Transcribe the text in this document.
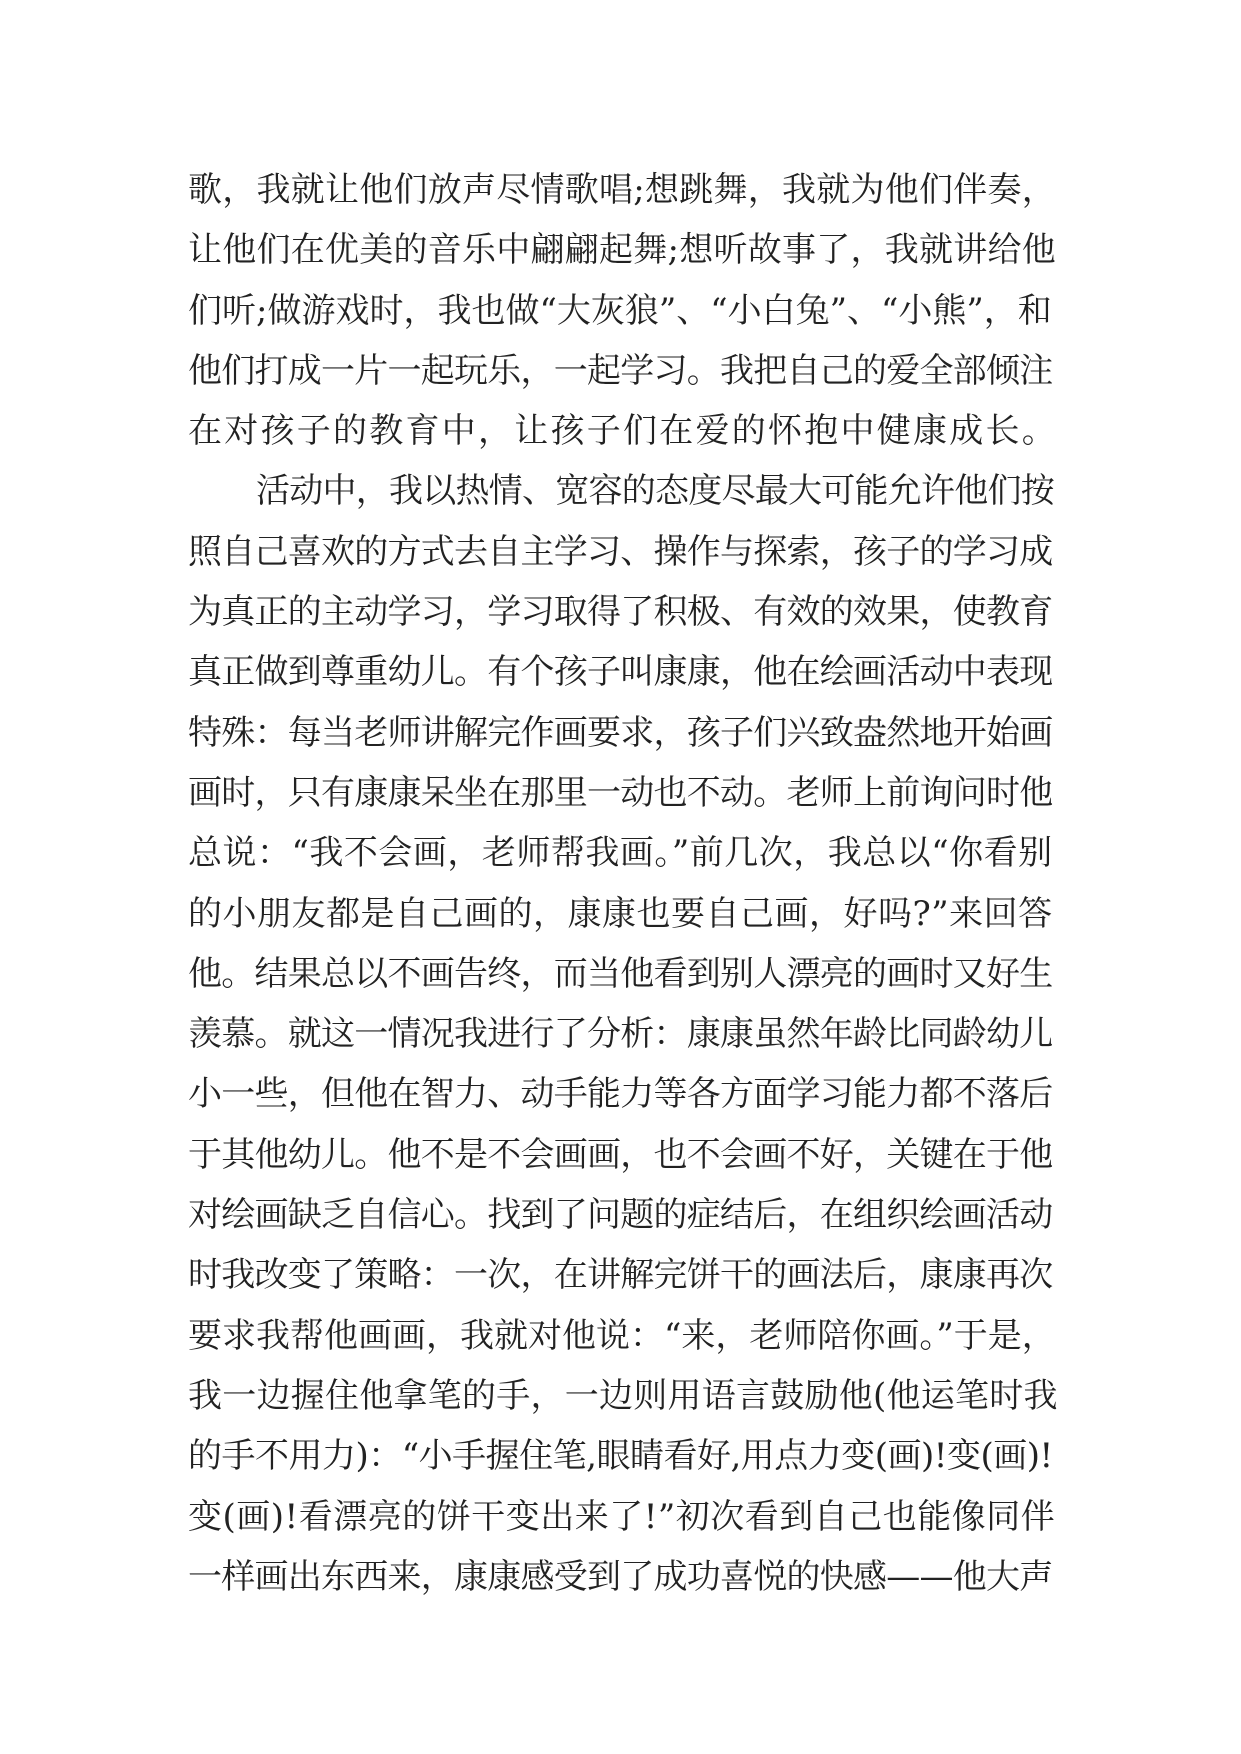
歌，我就让他们放声尽情歌唱;想跳舞，我就为他们伴奏，
让他们在优美的音乐中翩翩起舞;想听故事了，我就讲给他
们听;做游戏时，我也做“大灰狼”、“小白兔”、“小熊”，和
他们打成一片一起玩乐，一起学习。我把自己的爱全部倾注
在对孩子的教育中，让孩子们在爱的怀抱中健康成长。
活动中，我以热情、宽容的态度尽最大可能允许他们按
照自己喜欢的方式去自主学习、操作与探索，孩子的学习成
为真正的主动学习，学习取得了积极、有效的效果，使教育
真正做到尊重幼儿。有个孩子叫康康，他在绘画活动中表现
特殊：每当老师讲解完作画要求，孩子们兴致盎然地开始画
画时，只有康康呆坐在那里一动也不动。老师上前询问时他
总说：“我不会画，老师帮我画。”前几次，我总以“你看别
的小朋友都是自己画的，康康也要自己画，好吗?”来回答
他。结果总以不画告终，而当他看到别人漂亮的画时又好生
羡慕。就这一情况我进行了分析：康康虽然年龄比同龄幼儿
小一些，但他在智力、动手能力等各方面学习能力都不落后
于其他幼儿。他不是不会画画，也不会画不好，关键在于他
对绘画缺乏自信心。找到了问题的症结后，在组织绘画活动
时我改变了策略：一次，在讲解完饼干的画法后，康康再次
要求我帮他画画，我就对他说：“来，老师陪你画。”于是，
我一边握住他拿笔的手，一边则用语言鼓励他(他运笔时我
的手不用力)：“小手握住笔,眼睛看好,用点力变(画)!变(画)!
变(画)!看漂亮的饼干变出来了!”初次看到自己也能像同伴
一样画出东西来，康康感受到了成功喜悦的快感——他大声
